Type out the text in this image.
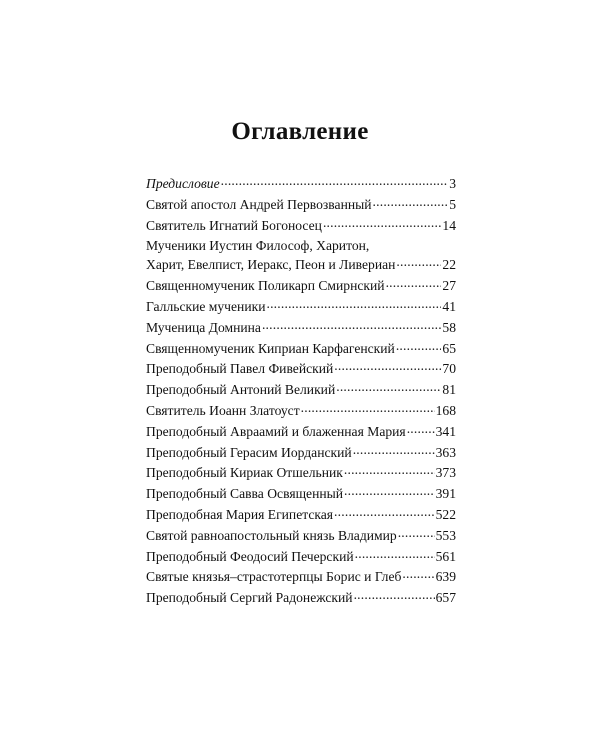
Оглавление
Предисловие .....	3
Святой апостол Андрей Первозванный .....	5
Святитель Игнатий Богоносец .....	14
Мученики Иустин Философ, Харитон,
Харит, Евелпист, Иеракс, Пеон и Ливериан .....	22
Священномученик Поликарп Смирнский .....	27
Галльские мученики .....	41
Мученица Домнина .....	58
Священномученик Киприан Карфагенский .....	65
Преподобный Павел Фивейский .....	70
Преподобный Антоний Великий .....	81
Святитель Иоанн Златоуст .....	168
Преподобный Авраамий и блаженная Мария ..... 341
Преподобный Герасим Иорданский .....	363
Преподобный Кириак Отшельник .....	373
Преподобный Савва Освященный .....	391
Преподобная Мария Египетская .....	522
Святой равноапостольный князь Владимир .....	553
Преподобный Феодосий Печерский .....	561
Святые князья–страстотерпцы Борис и Глеб .....	639
Преподобный Сергий Радонежский .....	657
